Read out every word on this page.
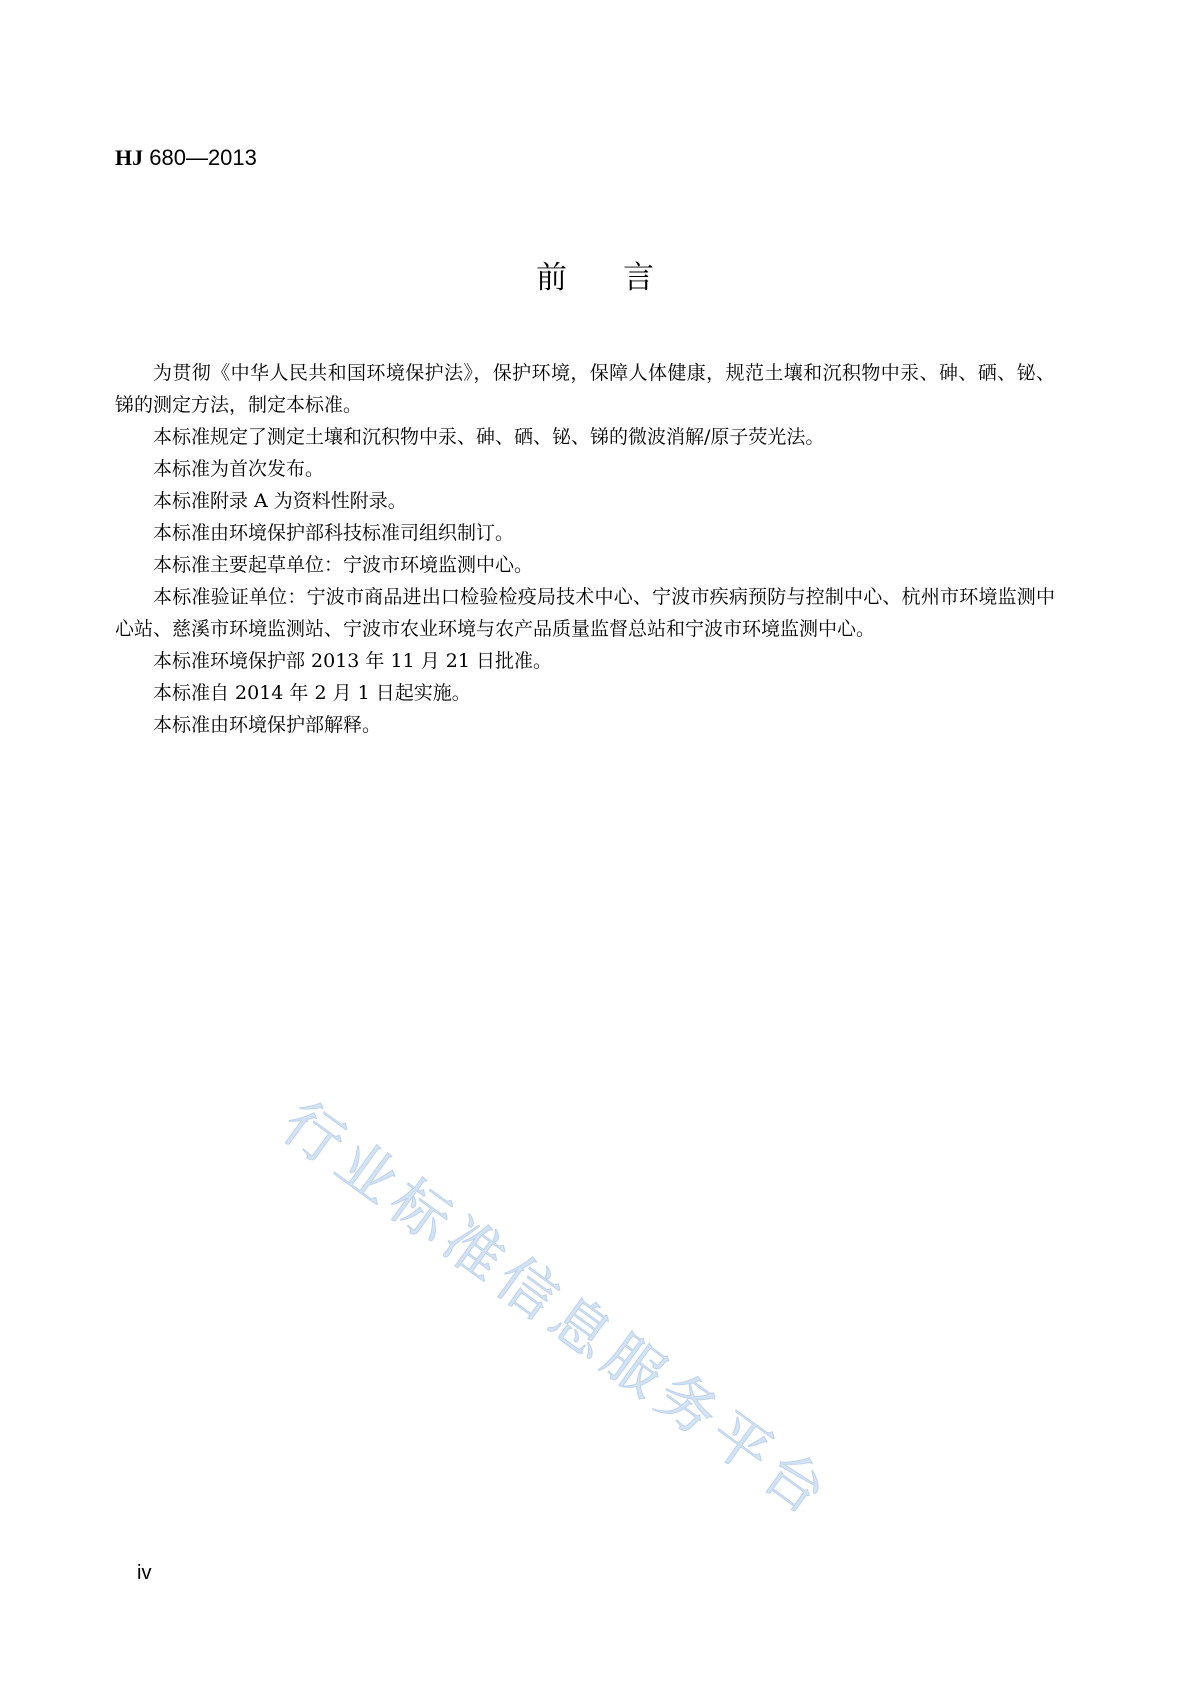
HJ 680—2013
前言

为贯彻《中华人民共和国环境保护法》，保护环境，保障人体健康，规范土壤和沉积物中汞、砷、硒、铋、锑的测定方法，制定本标准。

本标准规定了测定土壤和沉积物中汞、砷、硒、铋、锑的微波消解/原子荧光法。

本标准为首次发布。

本标准附录 A 为资料性附录。

本标准由环境保护部科技标准司组织制订。

本标准主要起草单位：宁波市环境监测中心。

本标准验证单位：宁波市商品进出口检验检疫局技术中心、宁波市疾病预防与控制中心、杭州市环境监测中心站、慈溪市环境监测站、宁波市农业环境与农产品质量监督总站和宁波市环境监测中心。

本标准环境保护部 2013 年 11 月 21 日批准。

本标准自 2014 年 2 月 1 日起实施。

本标准由环境保护部解释。

行业标准信息服务平台
iv
